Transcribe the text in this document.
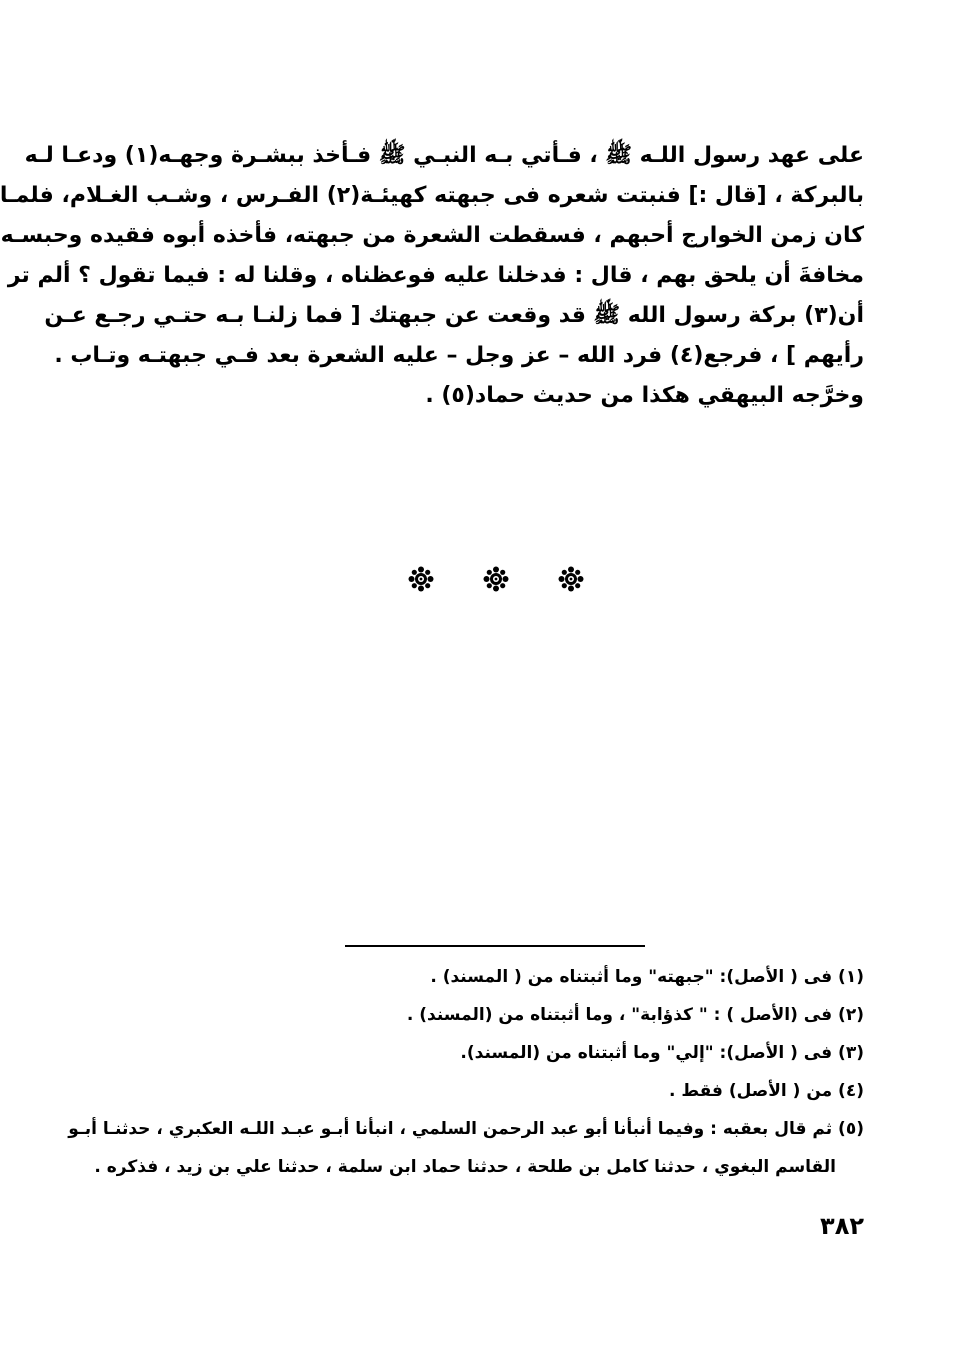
على عهد رسول اللـه ﷺ ، فـأتي بـه النبـي ﷺ فـأخذ ببشـرة وجهـه(١) ودعـا لـه
بالبركة ، [قال :] فنبتت شعره فى جبهته كهيئـة(٢) الفـرس ، وشـب الغـلام، فلمـا
كان زمن الخوارج أحبهم ، فسقطت الشعرة من جبهته، فأخذه أبوه فقيده وحبسـه
مخافةَ أن يلحق بهم ، قال : فدخلنا عليه فوعظناه ، وقلنا له : فيما تقول ؟ ألم تر
أن(٣) بركة رسول الله ﷺ قد وقعت عن جبهتك [ فما زلنـا بـه حتـي رجـع عـن
رأيهم ] ، فرجع(٤) فرد الله – عز وجل – عليه الشعرة بعد فـي جبهتـه وتـاب .
وخرَّجه البيهقي هكذا من حديث حماد(٥) .
(١) فى ( الأصل): "جبهته" وما أثبتناه من ( المسند) .
(٢) فى (الأصل ) : " كذؤابة" ، وما أثبتناه من (المسند) .
(٣) فى ( الأصل): "إلي" وما أثبتناه من (المسند).
(٤) من ( الأصل) فقط .
(٥) ثم قال بعقبه : وفيما أنبأنا أبو عبد الرحمن السلمي ، انبأنا أبـو عبـد اللـه العكبري ، حدثنـا أبـو
القاسم البغوي ، حدثنا كامل بن طلحة ، حدثنا حماد ابن سلمة ، حدثنا علي بن زيد ، فذكره .
٣٨٢
